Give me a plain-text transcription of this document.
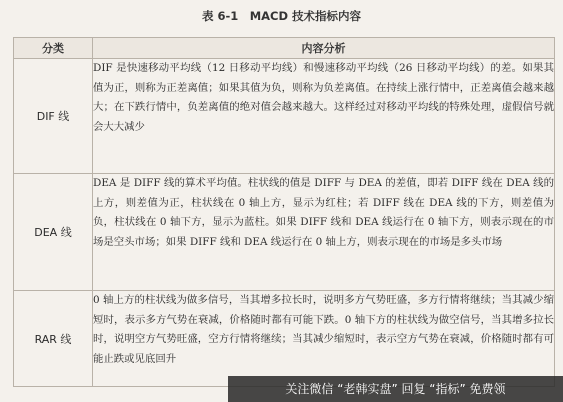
表 6-1　MACD 技术指标内容
分类	内容分析
DIF 线	DIF 是快速移动平均线（12 日移动平均线）和慢速移动平均线（26 日移动平均线）的差。如果其值为正，则称为正差离值；如果其值为负，则称为负差离值。在持续上涨行情中，正差离值会越来越大；在下跌行情中，负差离值的绝对值会越来越大。这样经过对移动平均线的特殊处理，虚假信号就会大大减少
DEA 线	DEA 是 DIFF 线的算术平均值。柱状线的值是 DIFF 与 DEA 的差值，即若 DIFF 线在 DEA 线的上方，则差值为正，柱状线在 0 轴上方，显示为红柱；若 DIFF 线在 DEA 线的下方，则差值为负，柱状线在 0 轴下方，显示为蓝柱。如果 DIFF 线和 DEA 线运行在 0 轴下方，则表示现在的市场是空头市场；如果 DIFF 线和 DEA 线运行在 0 轴上方，则表示现在的市场是多头市场
RAR 线	0 轴上方的柱状线为做多信号，当其增多拉长时，说明多方气势旺盛，多方行情将继续；当其减少缩短时，表示多方气势在衰减，价格随时都有可能下跌。0 轴下方的柱状线为做空信号，当其增多拉长时，说明空方气势旺盛，空方行情将继续；当其减少缩短时，表示空方气势在衰减，价格随时都有可能止跌或见底回升
关注微信 “老韩实盘” 回复 “指标” 免费领
